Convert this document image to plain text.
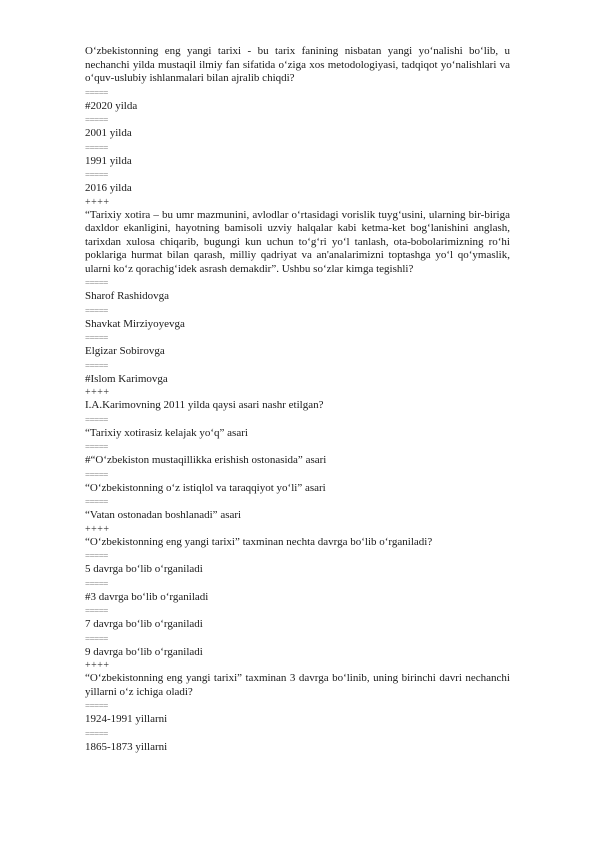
O‘zbekistonning eng yangi tarixi - bu tarix fanining nisbatan yangi yo‘nalishi bo‘lib, u nechanchi yilda mustaqil ilmiy fan sifatida o‘ziga xos metodologiyasi, tadqiqot yo‘nalishlari va o‘quv-uslubiy ishlanmalari bilan ajralib chiqdi?

=====

#2020 yilda

=====

2001 yilda

=====

1991 yilda

=====

2016 yilda

++++

“Tarixiy xotira – bu umr mazmunini, avlodlar o‘rtasidagi vorislik tuyg‘usini, ularning bir-biriga daxldor ekanligini, hayotning bamisoli uzviy halqalar kabi ketma-ket bog‘lanishini anglash, tarixdan xulosa chiqarib, bugungi kun uchun to‘g‘ri yo‘l tanlash, ota-bobolarimizning ro‘hi poklariga hurmat bilan qarash, milliy qadriyat va an'analarimizni toptashga yo‘l qo‘ymaslik, ularni ko‘z qorachig‘idek asrash demakdir”. Ushbu so‘zlar kimga tegishli?

=====

Sharof Rashidovga

=====

Shavkat Mirziyoyevga

=====

Elgizar Sobirovga

=====

#Islom Karimovga

++++

I.A.Karimovning 2011 yilda qaysi asari nashr etilgan?

=====

“Tarixiy xotirasiz kelajak yo‘q” asari

=====

#“O‘zbekiston mustaqillikka erishish ostonasida” asari

=====

“O‘zbekistonning o‘z istiqlol va taraqqiyot yo‘li” asari

=====

“Vatan ostonadan boshlanadi” asari

++++

“O‘zbekistonning eng yangi tarixi” taxminan nechta davrga bo‘lib o‘rganiladi?

=====

5 davrga bo‘lib o‘rganiladi

=====

#3 davrga bo‘lib o‘rganiladi

=====

7 davrga bo‘lib o‘rganiladi

=====

9 davrga bo‘lib o‘rganiladi

++++

“O‘zbekistonning eng yangi tarixi” taxminan 3 davrga bo‘linib, uning birinchi davri nechanchi yillarni o‘z ichiga oladi?

=====

1924-1991 yillarni

=====

1865-1873 yillarni
